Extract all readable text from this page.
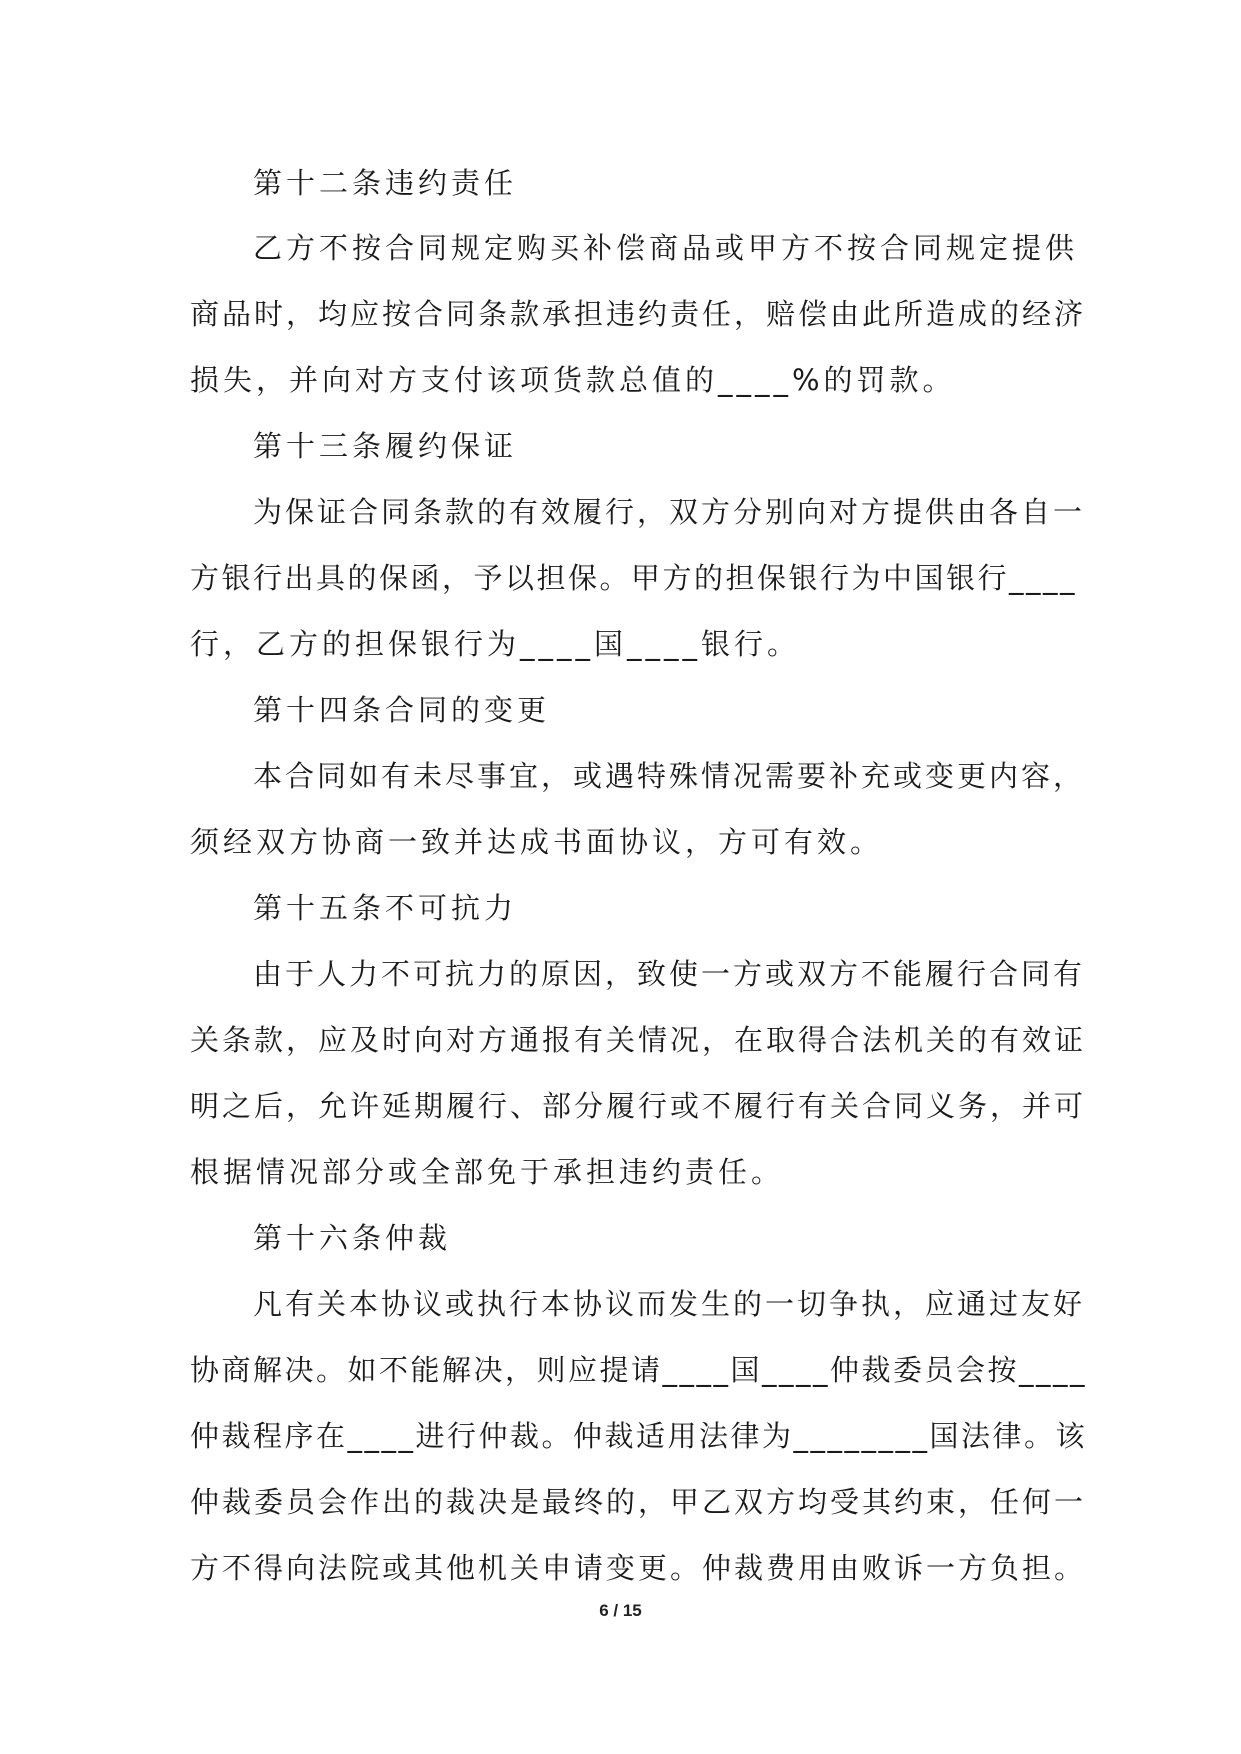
第十二条违约责任
乙方不按合同规定购买补偿商品或甲方不按合同规定提供
商品时，均应按合同条款承担违约责任，赔偿由此所造成的经济
损失，并向对方支付该项货款总值的____%的罚款。
第十三条履约保证
为保证合同条款的有效履行，双方分别向对方提供由各自一
方银行出具的保函，予以担保。甲方的担保银行为中国银行____
行，乙方的担保银行为____国____银行。
第十四条合同的变更
本合同如有未尽事宜，或遇特殊情况需要补充或变更内容，
须经双方协商一致并达成书面协议，方可有效。
第十五条不可抗力
由于人力不可抗力的原因，致使一方或双方不能履行合同有
关条款，应及时向对方通报有关情况，在取得合法机关的有效证
明之后，允许延期履行、部分履行或不履行有关合同义务，并可
根据情况部分或全部免于承担违约责任。
第十六条仲裁
凡有关本协议或执行本协议而发生的一切争执，应通过友好
协商解决。如不能解决，则应提请____国____仲裁委员会按____
仲裁程序在____进行仲裁。仲裁适用法律为________国法律。该
仲裁委员会作出的裁决是最终的，甲乙双方均受其约束，任何一
方不得向法院或其他机关申请变更。仲裁费用由败诉一方负担。
6 / 15
